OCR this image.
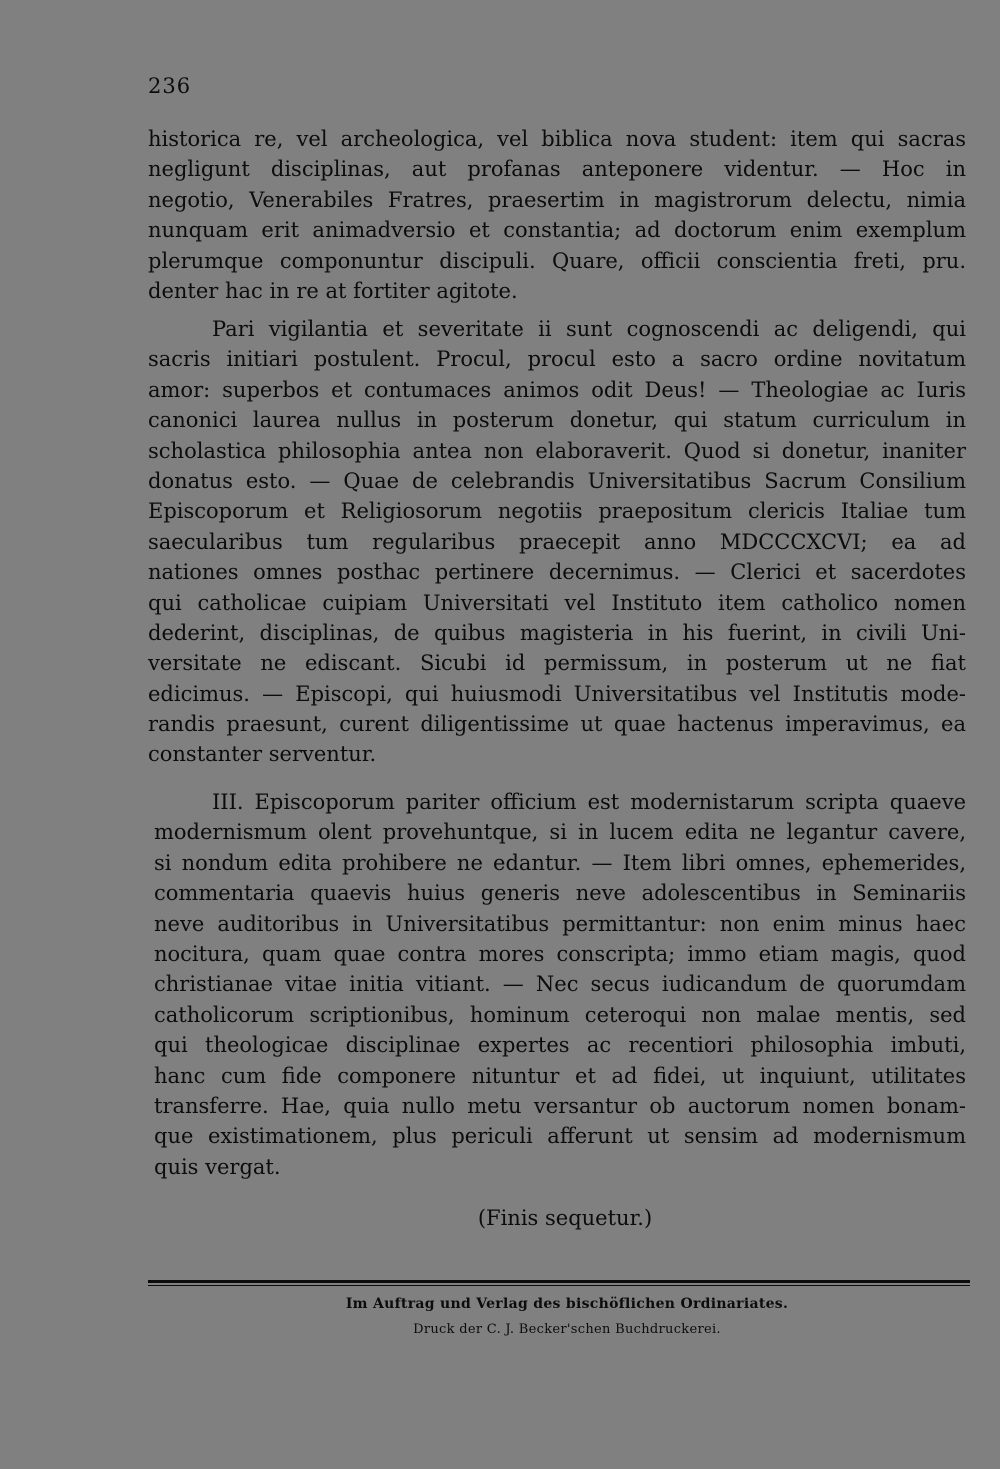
236
historica re, vel archeologica, vel biblica nova student: item qui sacras
negligunt disciplinas, aut profanas anteponere videntur. — Hoc in
negotio, Venerabiles Fratres, praesertim in magistrorum delectu, nimia
nunquam erit animadversio et constantia; ad doctorum enim exemplum
plerumque componuntur discipuli. Quare, officii conscientia freti, pru.
denter hac in re at fortiter agitote.
Pari vigilantia et severitate ii sunt cognoscendi ac deligendi, qui
sacris initiari postulent. Procul, procul esto a sacro ordine novitatum
amor: superbos et contumaces animos odit Deus! — Theologiae ac Iuris
canonici laurea nullus in posterum donetur, qui statum curriculum in
scholastica philosophia antea non elaboraverit. Quod si donetur, inaniter
donatus esto. — Quae de celebrandis Universitatibus Sacrum Consilium
Episcoporum et Religiosorum negotiis praepositum clericis Italiae tum
saecularibus tum regularibus praecepit anno MDCCCXCVI; ea ad
nationes omnes posthac pertinere decernimus. — Clerici et sacerdotes
qui catholicae cuipiam Universitati vel Instituto item catholico nomen
dederint, disciplinas, de quibus magisteria in his fuerint, in civili Uni-
versitate ne ediscant. Sicubi id permissum, in posterum ut ne fiat
edicimus. — Episcopi, qui huiusmodi Universitatibus vel Institutis mode-
randis praesunt, curent diligentissime ut quae hactenus imperavimus, ea
constanter serventur.
III. Episcoporum pariter officium est modernistarum scripta quaeve
modernismum olent provehuntque, si in lucem edita ne legantur cavere,
si nondum edita prohibere ne edantur. — Item libri omnes, ephemerides,
commentaria quaevis huius generis neve adolescentibus in Seminariis
neve auditoribus in Universitatibus permittantur: non enim minus haec
nocitura, quam quae contra mores conscripta; immo etiam magis, quod
christianae vitae initia vitiant. — Nec secus iudicandum de quorumdam
catholicorum scriptionibus, hominum ceteroqui non malae mentis, sed
qui theologicae disciplinae expertes ac recentiori philosophia imbuti,
hanc cum fide componere nituntur et ad fidei, ut inquiunt, utilitates
transferre. Hae, quia nullo metu versantur ob auctorum nomen bonam-
que existimationem, plus periculi afferunt ut sensim ad modernismum
quis vergat.
(Finis sequetur.)
Im Auftrag und Verlag des bischöflichen Ordinariates.
Druck der C. J. Becker'schen Buchdruckerei.
